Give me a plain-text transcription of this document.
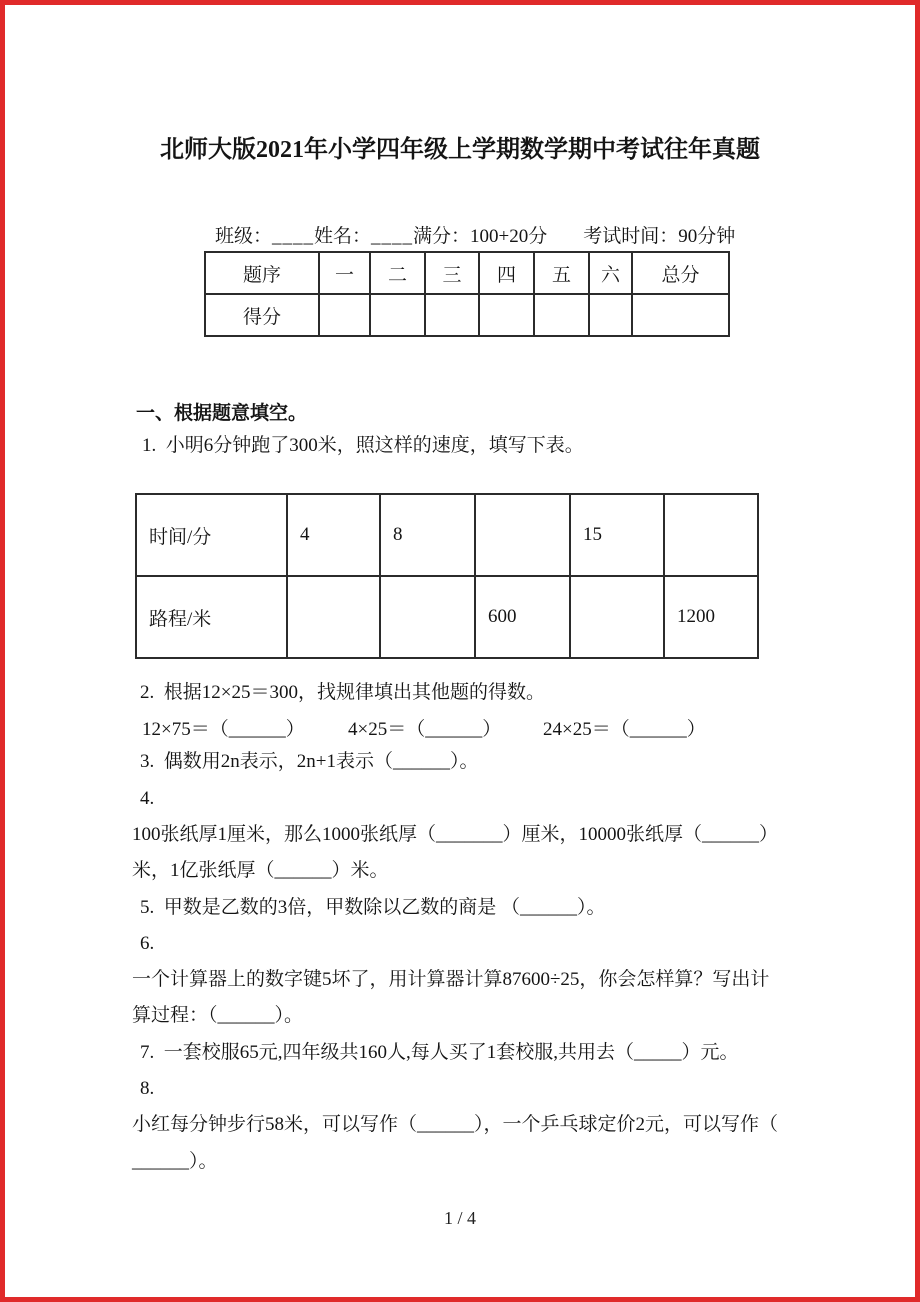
北师大版2021年小学四年级上学期数学期中考试往年真题
班级：____姓名：____满分：100+20分 考试时间：90分钟
题序	一	二	三	四	五	六	总分
得分							
一、根据题意填空。
1.  小明6分钟跑了300米，照这样的速度，填写下表。
时间/分	4	8		15	
路程/米			600		1200
2.  根据12×25＝300，找规律填出其他题的得数。
12×75＝（______） 4×25＝（______） 24×25＝（______）
3.  偶数用2n表示，2n+1表示（______）。
4.
100张纸厚1厘米，那么1000张纸厚（_______）厘米，10000张纸厚（______）
米，1亿张纸厚（______）米。
5.  甲数是乙数的3倍，甲数除以乙数的商是 （______）。
6.
一个计算器上的数字键5坏了，用计算器计算87600÷25，你会怎样算？写出计
算过程：（______）。
7.  一套校服65元,四年级共160人,每人买了1套校服,共用去（_____）元。
8.
小红每分钟步行58米，可以写作（______），一个乒乓球定价2元，可以写作（
______）。
1 / 4
